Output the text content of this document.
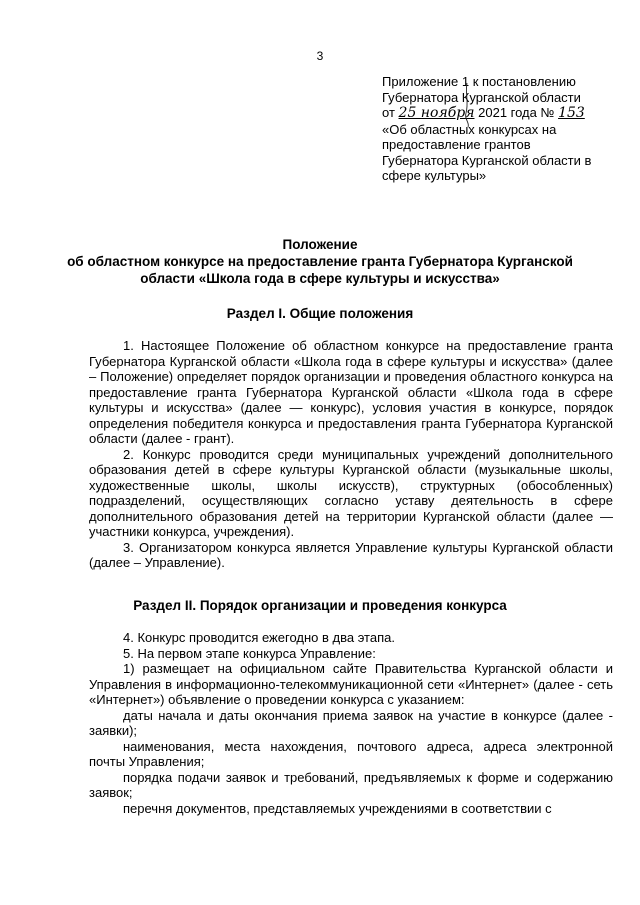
3
Приложение 1 к постановлению
Губернатора Курганской области
от 25 ноября 2021 года № 153
«Об областных конкурсах на
предоставление грантов
Губернатора Курганской области в
сфере культуры»
Положение
об областном конкурсе на предоставление гранта Губернатора Курганской
области «Школа года в сфере культуры и искусства»
Раздел I. Общие положения

1. Настоящее Положение об областном конкурсе на предоставление гранта Губернатора Курганской области «Школа года в сфере культуры и искусства» (далее – Положение) определяет порядок организации и проведения областного конкурса на предоставление гранта Губернатора Курганской области «Школа года в сфере культуры и искусства» (далее — конкурс), условия участия в конкурсе, порядок определения победителя конкурса и предоставления гранта Губернатора Курганской области (далее - грант).

2. Конкурс проводится среди муниципальных учреждений дополнительного образования детей в сфере культуры Курганской области (музыкальные школы, художественные школы, школы искусств), структурных (обособленных) подразделений, осуществляющих согласно уставу деятельность в сфере дополнительного образования детей на территории Курганской области (далее — участники конкурса, учреждения).

3. Организатором конкурса является Управление культуры Курганской области (далее – Управление).

Раздел II. Порядок организации и проведения конкурса

4. Конкурс проводится ежегодно в два этапа.

5. На первом этапе конкурса Управление:

1) размещает на официальном сайте Правительства Курганской области и Управления в информационно-телекоммуникационной сети «Интернет» (далее - сеть «Интернет») объявление о проведении конкурса с указанием:

даты начала и даты окончания приема заявок на участие в конкурсе (далее - заявки);

наименования, места нахождения, почтового адреса, адреса электронной почты Управления;

порядка подачи заявок и требований, предъявляемых к форме и содержанию заявок;

перечня документов, представляемых учреждениями в соответствии с
